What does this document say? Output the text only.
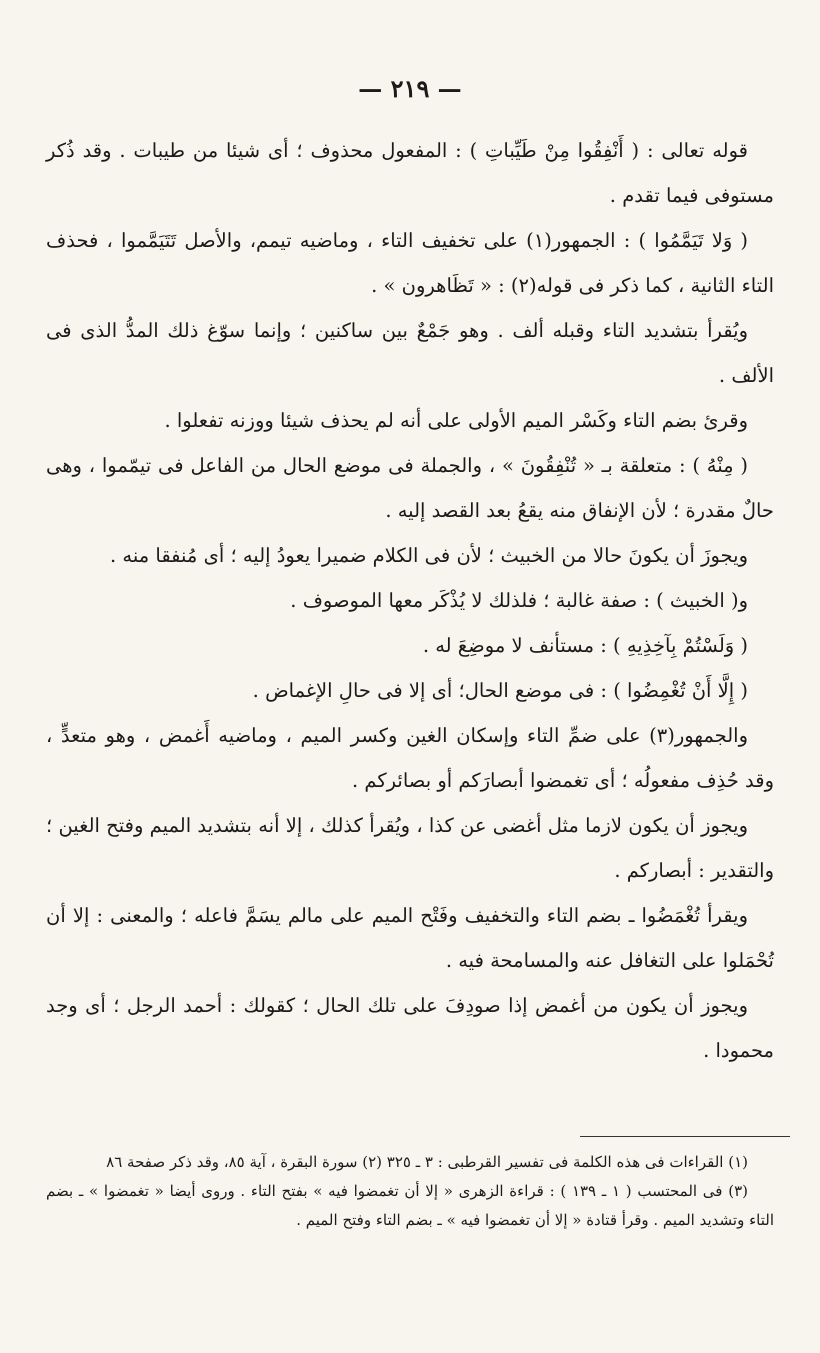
— ٢١٩ —

قوله تعالى : ( أَنْفِقُوا مِنْ طَيِّباتِ ) : المفعول محذوف ؛ أى شيئا من طيبات . وقد ذُكر مستوفى فيما تقدم .

( وَلا تَيَمَّمُوا ) : الجمهور(١) على تخفيف التاء ، وماضيه تيمم، والأصل تَتَيَمَّموا ، فحذف التاء الثانية ، كما ذكر فى قوله(٢) : « تَظَاهرون » .

ويُقرأ بتشديد التاء وقبله ألف . وهو جَمْعٌ بين ساكنين ؛ وإنما سوّغ ذلك المدُّ الذى فى الألف .

وقرئ بضم التاء وكَسْر الميم الأولى على أنه لم يحذف شيئا ووزنه تفعلوا .

( مِنْهُ ) : متعلقة بـ « تُنْفِقُونَ » ، والجملة فى موضع الحال من الفاعل فى تيمّموا ، وهى حالٌ مقدرة ؛ لأن الإنفاق منه يقعُ بعد القصد إليه .

ويجوزَ أن يكونَ حالا من الخبيث ؛ لأن فى الكلام ضميرا يعودُ إليه ؛ أى مُنفقا منه .

و( الخبيث ) : صفة غالبة ؛ فلذلك لا يُذْكَر معها الموصوف .

( وَلَسْتُمْ بِآخِذِيهِ ) : مستأنف لا موضِعَ له .

( إِلَّا أَنْ تُغْمِضُوا ) : فى موضع الحال؛ أى إلا فى حالِ الإغماض .

والجمهور(٣) على ضمِّ التاء وإسكان الغين وكسر الميم ، وماضيه أَغمض ، وهو متعدٍّ ، وقد حُذِف مفعولُه ؛ أى تغمضوا أبصارَكم أو بصائركم .

ويجوز أن يكون لازما مثل أغضى عن كذا ، ويُقرأ كذلك ، إلا أنه بتشديد الميم وفتح الغين ؛ والتقدير : أبصاركم .

ويقرأ تُغْمَضُوا ـ بضم التاء والتخفيف وفَتْح الميم على مالم يسَمَّ فاعله ؛ والمعنى : إلا أن تُحْمَلوا على التغافل عنه والمسامحة فيه .

ويجوز أن يكون من أغمض إذا صودِفَ على تلك الحال ؛ كقولك : أحمد الرجل ؛ أى وجد محمودا .

(١) القراءات فى هذه الكلمة فى تفسير القرطبى : ٣ ـ ٣٢٥ (٢) سورة البقرة ، آية ٨٥، وقد ذكر صفحة ٨٦

(٣) فى المحتسب ( ١ ـ ١٣٩ ) : قراءة الزهرى « إلا أن تغمضوا فيه » بفتح التاء . وروى أيضا « تغمضوا » ـ بضم التاء وتشديد الميم . وقرأ قتادة « إلا أن تغمضوا فيه » ـ بضم التاء وفتح الميم .
